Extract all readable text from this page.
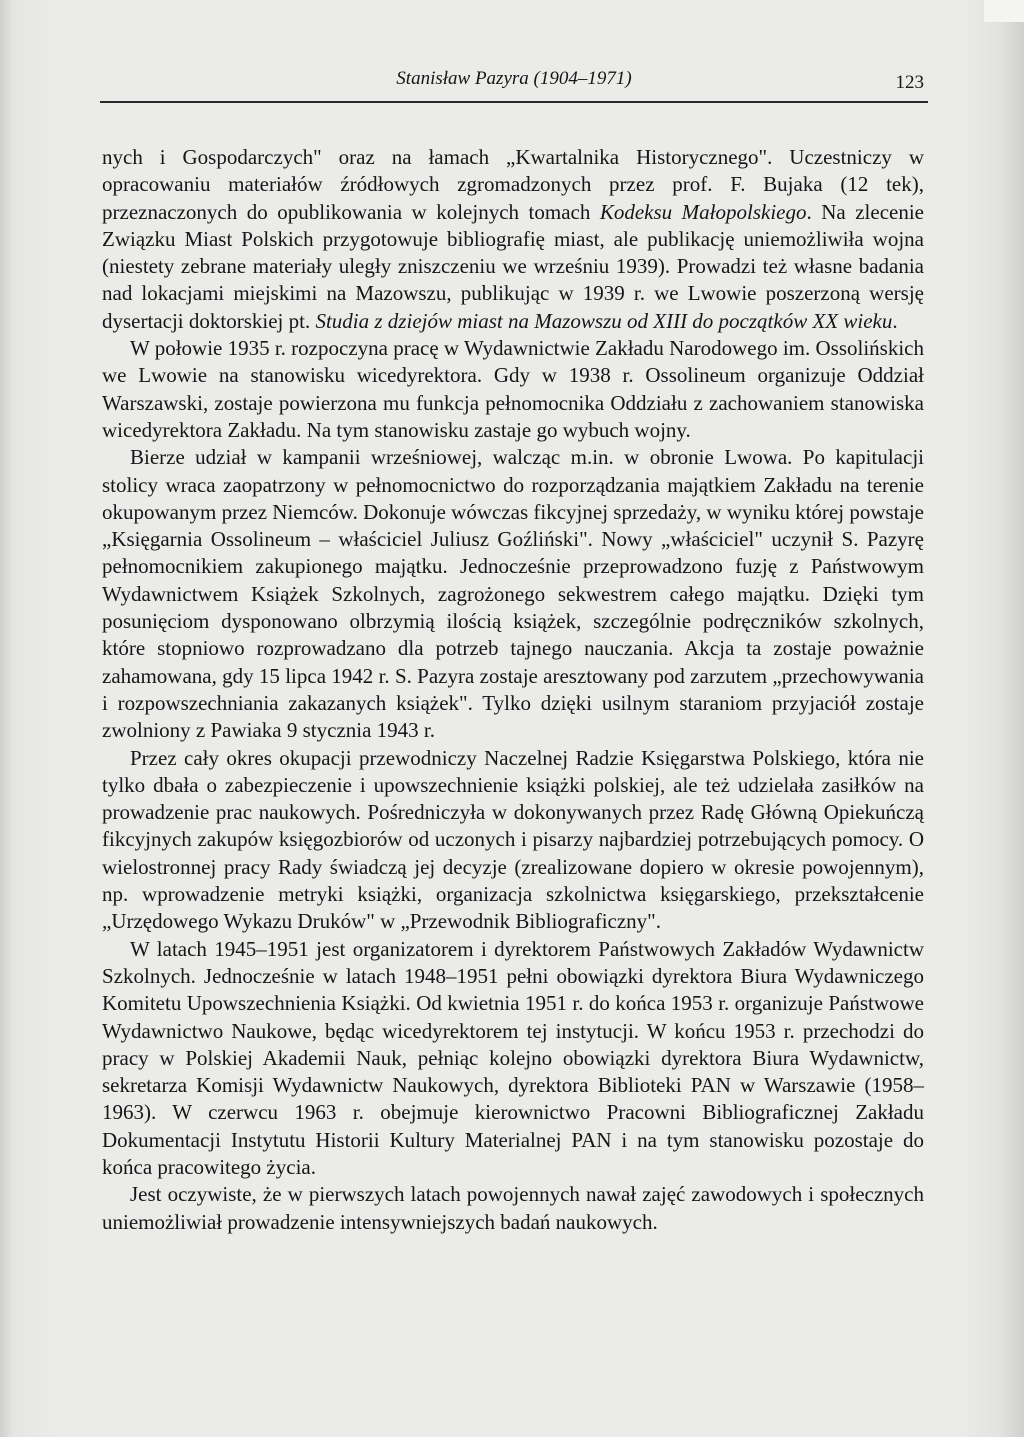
Stanisław Pazyra (1904–1971)	123

nych i Gospodarczych" oraz na łamach „Kwartalnika Historycznego". Uczestniczy w opracowaniu materiałów źródłowych zgromadzonych przez prof. F. Bujaka (12 tek), przeznaczonych do opublikowania w kolejnych tomach Kodeksu Małopolskiego. Na zlecenie Związku Miast Polskich przygotowuje bibliografię miast, ale publikację uniemożliwiła wojna (niestety zebrane materiały uległy zniszczeniu we wrześniu 1939). Prowadzi też własne badania nad lokacjami miejskimi na Mazowszu, publikując w 1939 r. we Lwowie poszerzoną wersję dysertacji doktorskiej pt. Studia z dziejów miast na Mazowszu od XIII do początków XX wieku.

W połowie 1935 r. rozpoczyna pracę w Wydawnictwie Zakładu Narodowego im. Ossolińskich we Lwowie na stanowisku wicedyrektora. Gdy w 1938 r. Ossolineum organizuje Oddział Warszawski, zostaje powierzona mu funkcja pełnomocnika Oddziału z zachowaniem stanowiska wicedyrektora Zakładu. Na tym stanowisku zastaje go wybuch wojny.

Bierze udział w kampanii wrześniowej, walcząc m.in. w obronie Lwowa. Po kapitulacji stolicy wraca zaopatrzony w pełnomocnictwo do rozporządzania majątkiem Zakładu na terenie okupowanym przez Niemców. Dokonuje wówczas fikcyjnej sprzedaży, w wyniku której powstaje „Księgarnia Ossolineum – właściciel Juliusz Goźliński". Nowy „właściciel" uczynił S. Pazyrę pełnomocnikiem zakupionego majątku. Jednocześnie przeprowadzono fuzję z Państwowym Wydawnictwem Książek Szkolnych, zagrożonego sekwestrem całego majątku. Dzięki tym posunięciom dysponowano olbrzymią ilością książek, szczególnie podręczników szkolnych, które stopniowo rozprowadzano dla potrzeb tajnego nauczania. Akcja ta zostaje poważnie zahamowana, gdy 15 lipca 1942 r. S. Pazyra zostaje aresztowany pod zarzutem „przechowywania i rozpowszechniania zakazanych książek". Tylko dzięki usilnym staraniom przyjaciół zostaje zwolniony z Pawiaka 9 stycznia 1943 r.

Przez cały okres okupacji przewodniczy Naczelnej Radzie Księgarstwa Polskiego, która nie tylko dbała o zabezpieczenie i upowszechnienie książki polskiej, ale też udzielała zasiłków na prowadzenie prac naukowych. Pośredniczyła w dokonywanych przez Radę Główną Opiekuńczą fikcyjnych zakupów księgozbiorów od uczonych i pisarzy najbardziej potrzebujących pomocy. O wielostronnej pracy Rady świadczą jej decyzje (zrealizowane dopiero w okresie powojennym), np. wprowadzenie metryki książki, organizacja szkolnictwa księgarskiego, przekształcenie „Urzędowego Wykazu Druków" w „Przewodnik Bibliograficzny".

W latach 1945–1951 jest organizatorem i dyrektorem Państwowych Zakładów Wydawnictw Szkolnych. Jednocześnie w latach 1948–1951 pełni obowiązki dyrektora Biura Wydawniczego Komitetu Upowszechnienia Książki. Od kwietnia 1951 r. do końca 1953 r. organizuje Państwowe Wydawnictwo Naukowe, będąc wicedyrektorem tej instytucji. W końcu 1953 r. przechodzi do pracy w Polskiej Akademii Nauk, pełniąc kolejno obowiązki dyrektora Biura Wydawnictw, sekretarza Komisji Wydawnictw Naukowych, dyrektora Biblioteki PAN w Warszawie (1958–1963). W czerwcu 1963 r. obejmuje kierownictwo Pracowni Bibliograficznej Zakładu Dokumentacji Instytutu Historii Kultury Materialnej PAN i na tym stanowisku pozostaje do końca pracowitego życia.

Jest oczywiste, że w pierwszych latach powojennych nawał zajęć zawodowych i społecznych uniemożliwiał prowadzenie intensywniejszych badań naukowych.
